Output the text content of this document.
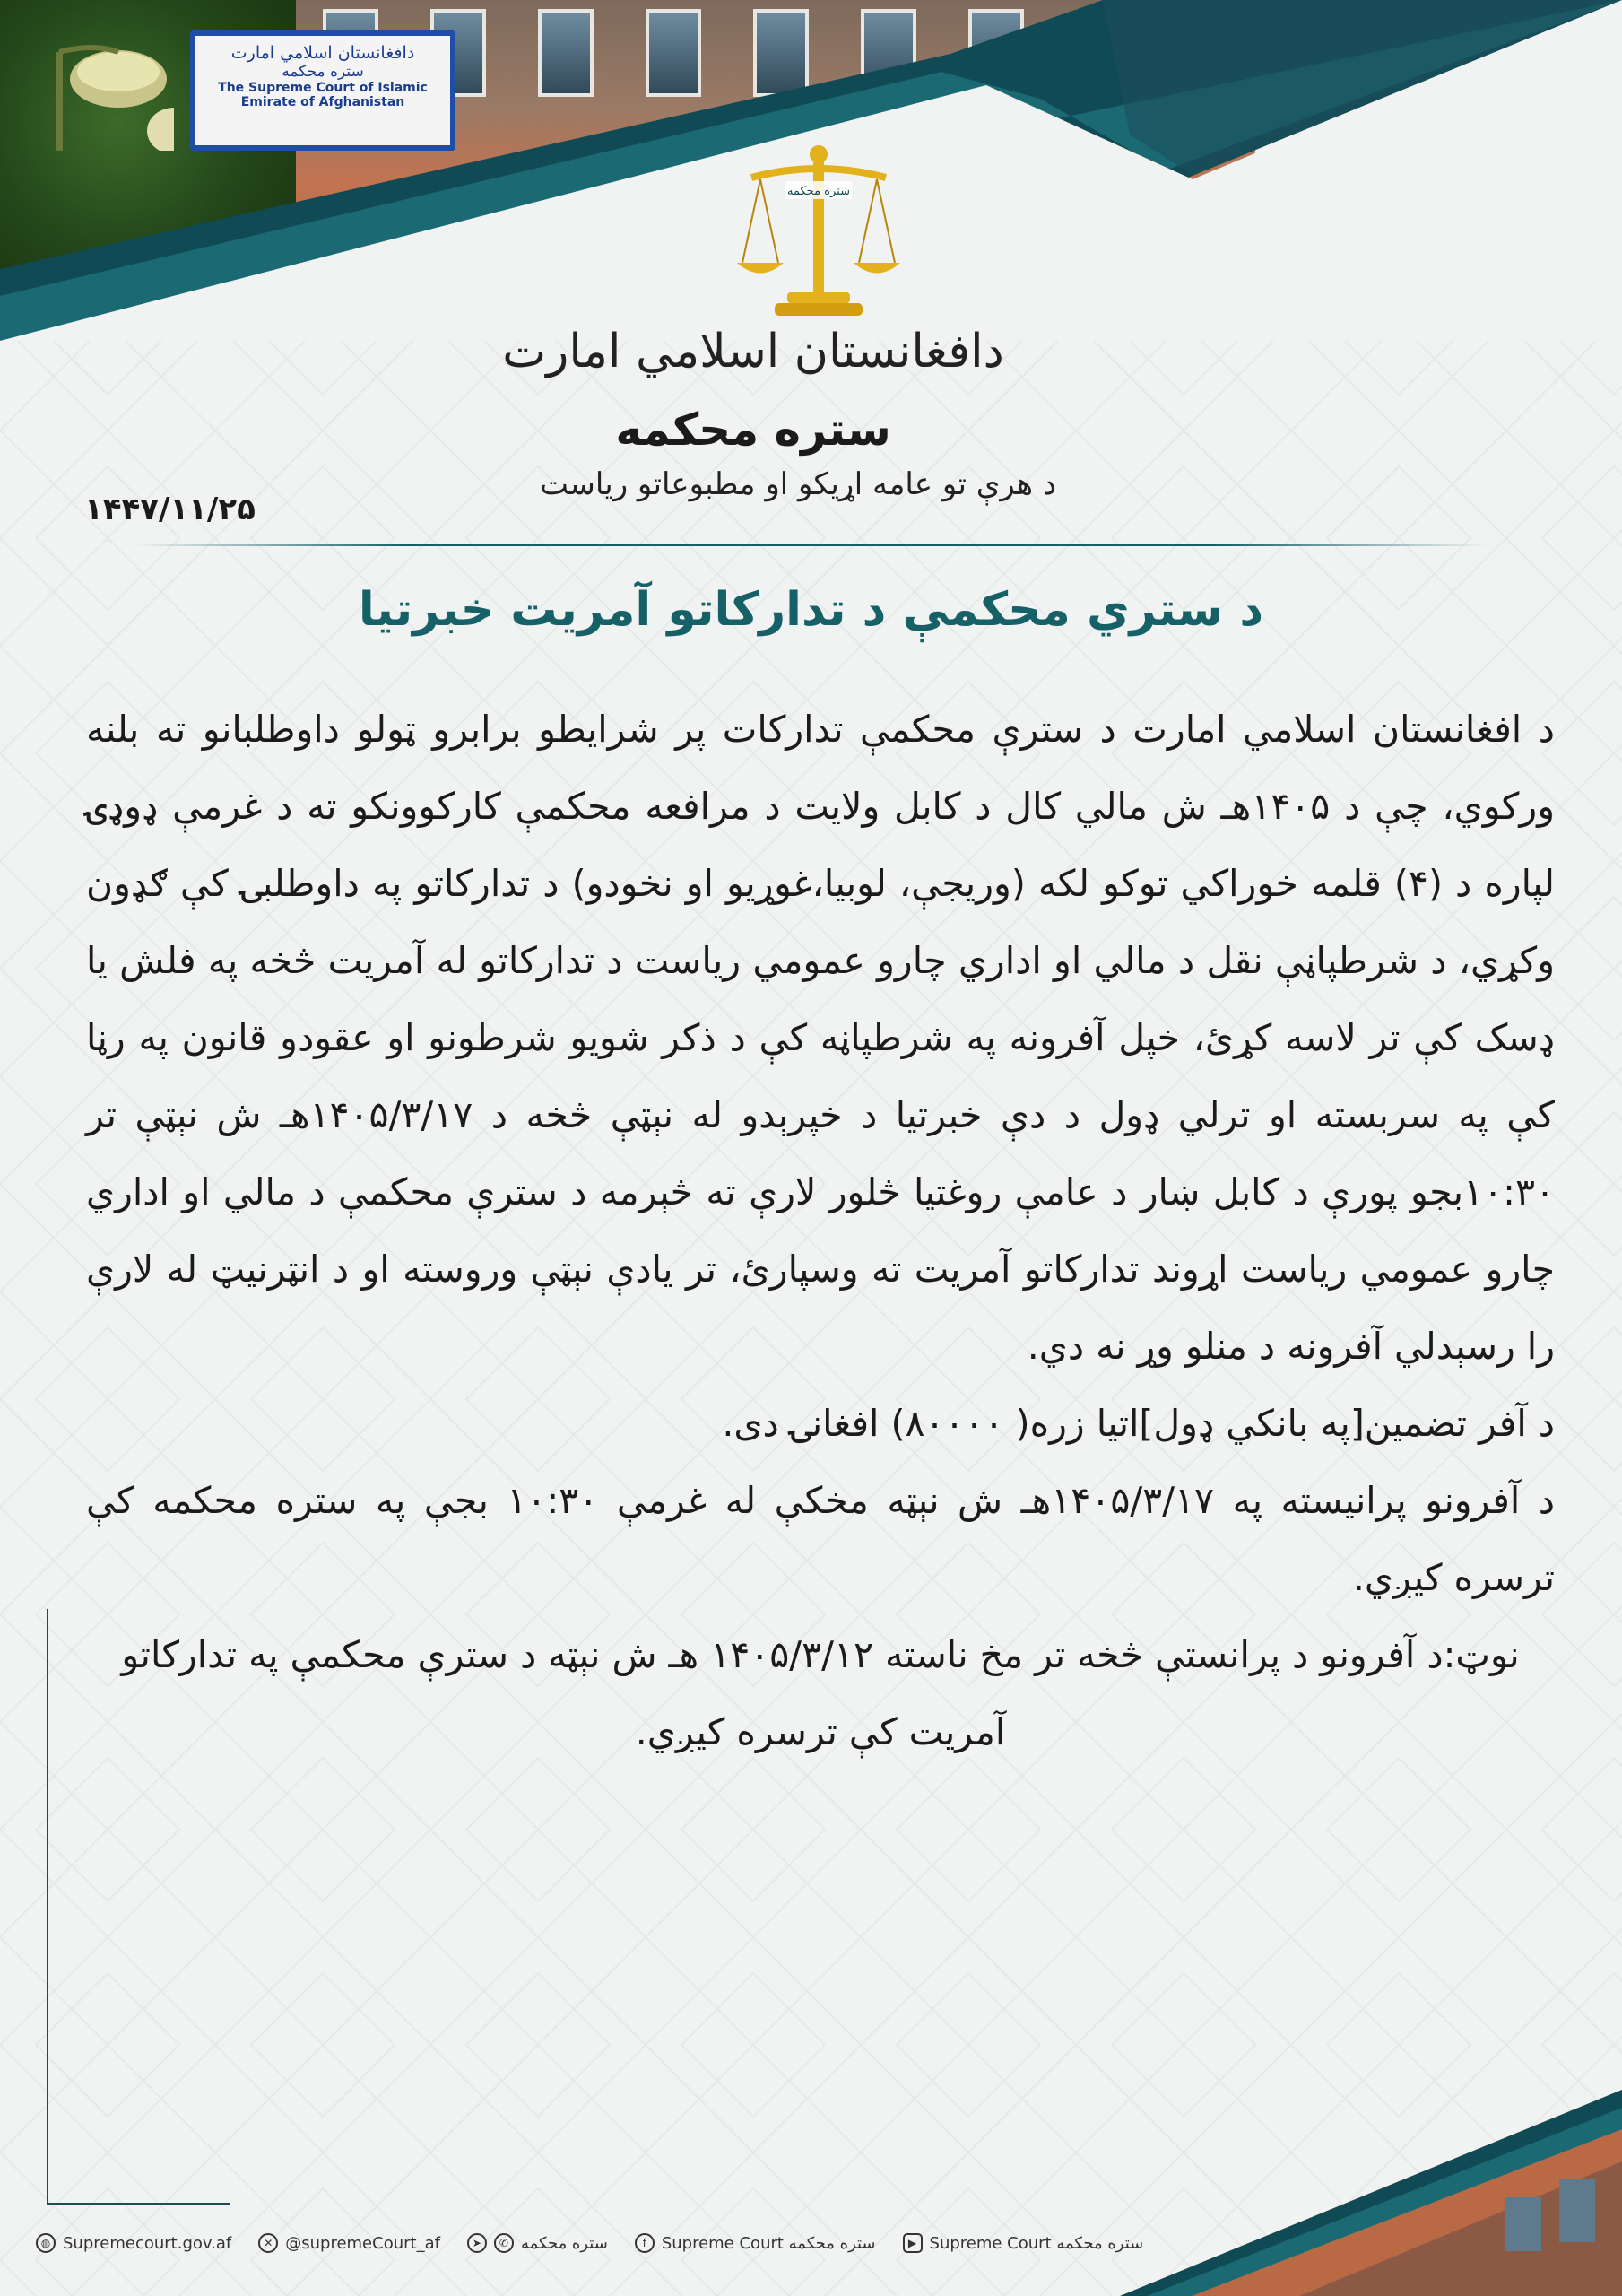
دافغانستان اسلامي امارت
ستره محکمه
The Supreme Court of Islamic Emirate of Afghanistan
ستره محکمه
دافغانستان اسلامي امارت
ستره محکمه
د هرې تو عامه اړیکو او مطبوعاتو ریاست
۱۴۴۷/۱۱/۲۵
د ستري محکمې د تدارکاتو آمریت خبرتیا

د افغانستان اسلامي امارت د سترې محکمې تدارکات پر شرایطو برابرو ټولو داوطلبانو ته بلنه ورکوي، چې د ۱۴۰۵هـ ش مالي کال د کابل ولایت د مرافعه محکمې کارکوونکو ته د غرمې ډوډۍ لپاره د (۴) قلمه خوراکي توکو لکه (وريجې، لوبيا،غوړيو او نخودو) د تدارکاتو په داوطلبۍ کې ګډون وکړي، د شرطپاڼې نقل د مالي او اداري چارو عمومي رياست د تدارکاتو له آمريت څخه په فلش يا ډسک کې تر لاسه کړئ، خپل آفرونه په شرطپاڼه کې د ذکر شويو شرطونو او عقودو قانون په رڼا کې په سربسته او ترلي ډول د دې خبرتيا د خپرېدو له نېټې څخه د ۱۴۰۵/۳/۱۷هـ ش نېټې تر ۱۰:۳۰بجو پورې د کابل ښار د عامې روغتيا څلور لارې ته څېرمه د سترې محکمې د مالي او اداري چارو عمومي رياست اړوند تدارکاتو آمريت ته وسپارئ، تر يادې نېټې وروسته او د انټرنيټ له لارې را رسېدلي آفرونه د منلو وړ نه دي.

د آفر تضمين[په بانکي ډول]اتيا زره( ۸۰۰۰۰) افغانۍ دی.

د آفرونو پرانيسته په ۱۴۰۵/۳/۱۷هـ ش نېټه مخکې له غرمې ۱۰:۳۰ بجې په ستره محکمه کې ترسره کيږي.

نوټ:د آفرونو د پرانستې څخه تر مخ ناسته ۱۴۰۵/۳/۱۲ هـ ش نېټه د سترې محکمې په تدارکاتو آمريت کې ترسره کيږي.

◍ Supremecourt.gov.af	✕ @supremeCourt_af	➤	✆ ستره محکمه	f Supreme Court ستره محکمه	▶ Supreme Court ستره محکمه
